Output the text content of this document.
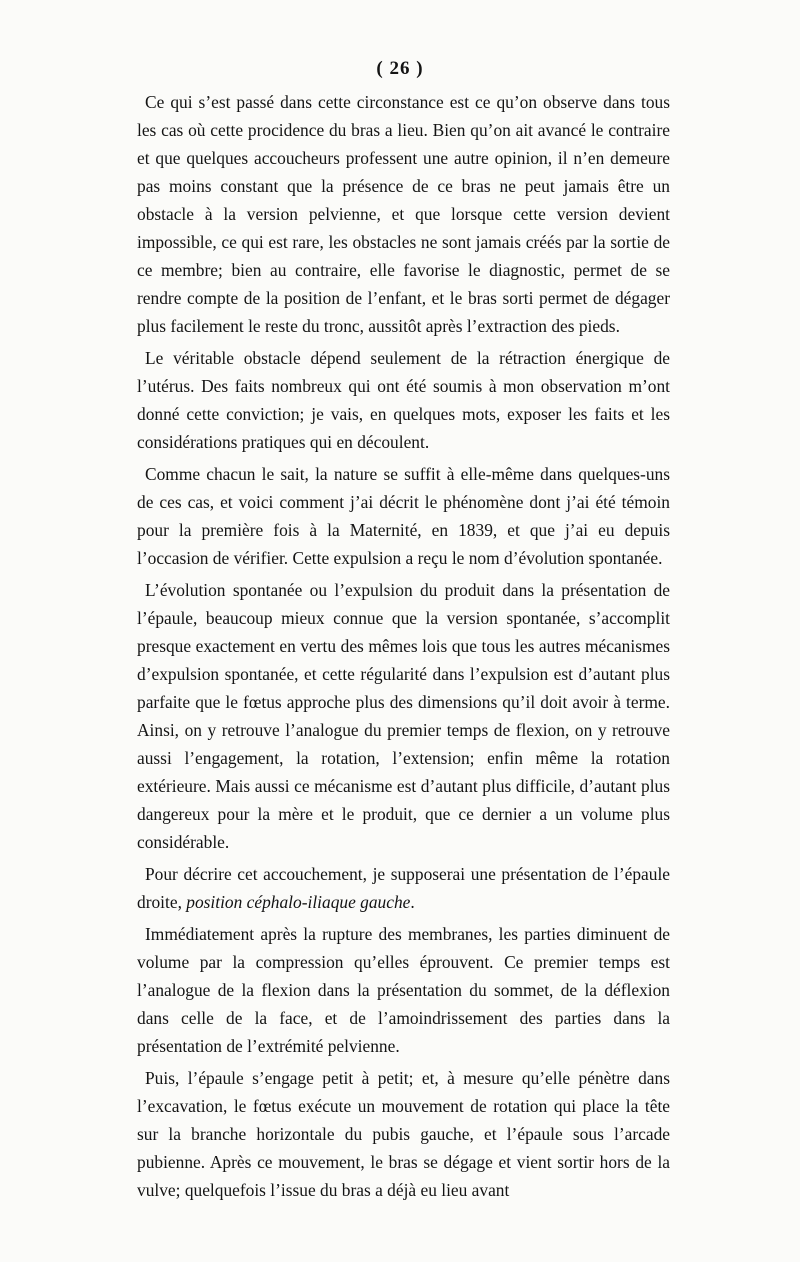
( 26 )

Ce qui s’est passé dans cette circonstance est ce qu’on observe dans tous les cas où cette procidence du bras a lieu. Bien qu’on ait avancé le contraire et que quelques accoucheurs professent une autre opinion, il n’en demeure pas moins constant que la présence de ce bras ne peut jamais être un obstacle à la version pelvienne, et que lorsque cette version devient impossible, ce qui est rare, les obstacles ne sont jamais créés par la sortie de ce membre; bien au contraire, elle favorise le diagnostic, permet de se rendre compte de la position de l’enfant, et le bras sorti permet de dégager plus facilement le reste du tronc, aussitôt après l’extraction des pieds.

Le véritable obstacle dépend seulement de la rétraction énergique de l’utérus. Des faits nombreux qui ont été soumis à mon observation m’ont donné cette conviction; je vais, en quelques mots, exposer les faits et les considérations pratiques qui en découlent.

Comme chacun le sait, la nature se suffit à elle-même dans quelques-uns de ces cas, et voici comment j’ai décrit le phénomène dont j’ai été témoin pour la première fois à la Maternité, en 1839, et que j’ai eu depuis l’occasion de vérifier. Cette expulsion a reçu le nom d’évolution spontanée.

L’évolution spontanée ou l’expulsion du produit dans la présentation de l’épaule, beaucoup mieux connue que la version spontanée, s’accomplit presque exactement en vertu des mêmes lois que tous les autres mécanismes d’expulsion spontanée, et cette régularité dans l’expulsion est d’autant plus parfaite que le fœtus approche plus des dimensions qu’il doit avoir à terme. Ainsi, on y retrouve l’analogue du premier temps de flexion, on y retrouve aussi l’engagement, la rotation, l’extension; enfin même la rotation extérieure. Mais aussi ce mécanisme est d’autant plus difficile, d’autant plus dangereux pour la mère et le produit, que ce dernier a un volume plus considérable.

Pour décrire cet accouchement, je supposerai une présentation de l’épaule droite, position céphalo-iliaque gauche.

Immédiatement après la rupture des membranes, les parties diminuent de volume par la compression qu’elles éprouvent. Ce premier temps est l’analogue de la flexion dans la présentation du sommet, de la déflexion dans celle de la face, et de l’amoindrissement des parties dans la présentation de l’extrémité pelvienne.

Puis, l’épaule s’engage petit à petit; et, à mesure qu’elle pénètre dans l’excavation, le fœtus exécute un mouvement de rotation qui place la tête sur la branche horizontale du pubis gauche, et l’épaule sous l’arcade pubienne. Après ce mouvement, le bras se dégage et vient sortir hors de la vulve; quelquefois l’issue du bras a déjà eu lieu avant
